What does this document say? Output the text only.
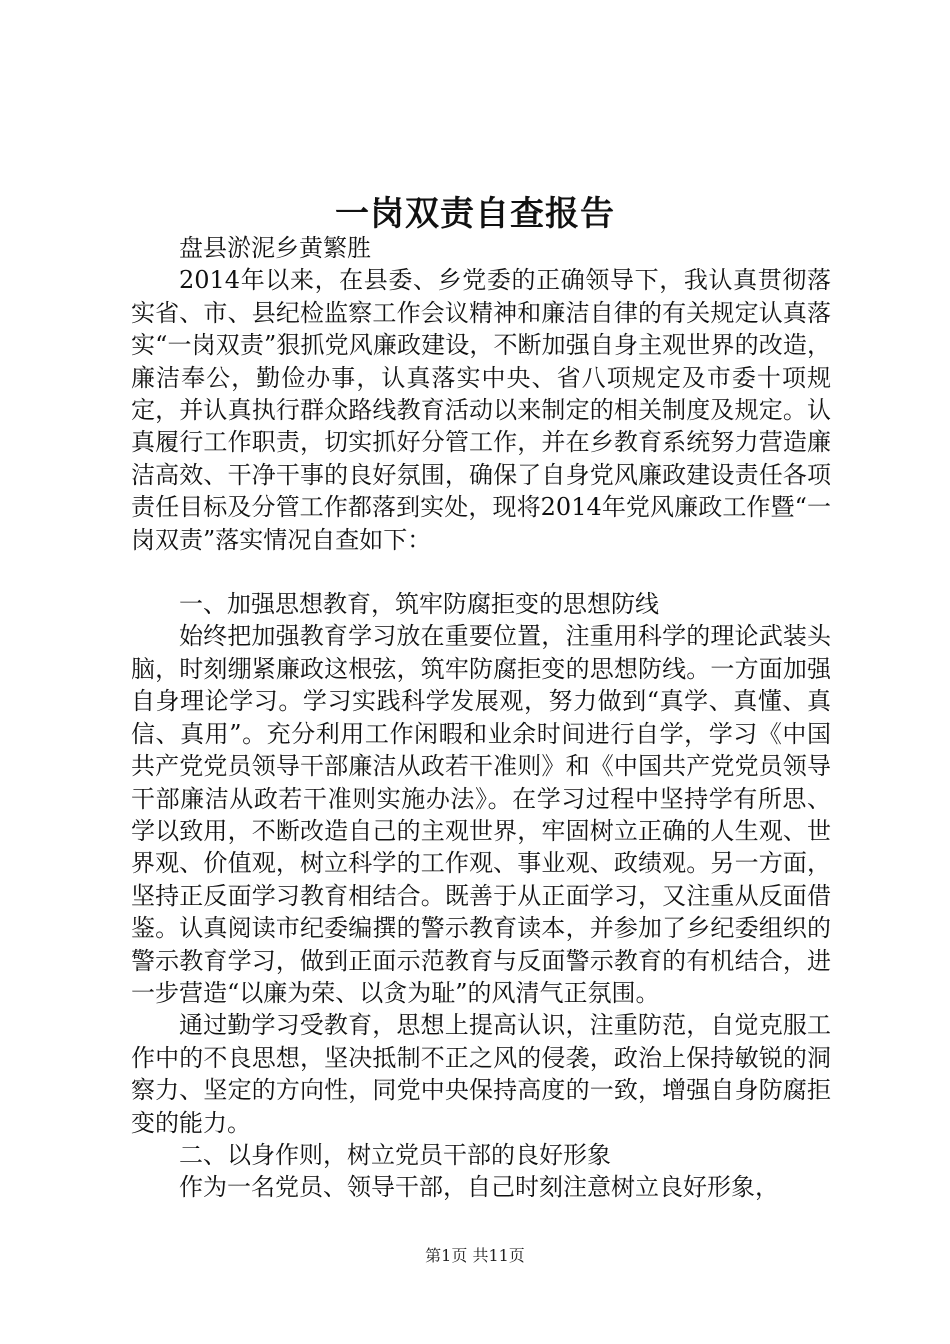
一岗双责自查报告

盘县淤泥乡黄繁胜

2014年以来，在县委、乡党委的正确领导下，我认真贯彻落实省、市、县纪检监察工作会议精神和廉洁自律的有关规定认真落实“一岗双责”狠抓党风廉政建设，不断加强自身主观世界的改造，廉洁奉公，勤俭办事，认真落实中央、省八项规定及市委十项规定，并认真执行群众路线教育活动以来制定的相关制度及规定。认真履行工作职责，切实抓好分管工作，并在乡教育系统努力营造廉洁高效、干净干事的良好氛围，确保了自身党风廉政建设责任各项责任目标及分管工作都落到实处，现将2014年党风廉政工作暨“一岗双责”落实情况自查如下：

一、加强思想教育，筑牢防腐拒变的思想防线

始终把加强教育学习放在重要位置，注重用科学的理论武装头脑，时刻绷紧廉政这根弦，筑牢防腐拒变的思想防线。一方面加强自身理论学习。学习实践科学发展观，努力做到“真学、真懂、真信、真用”。充分利用工作闲暇和业余时间进行自学，学习《中国共产党党员领导干部廉洁从政若干准则》和《中国共产党党员领导干部廉洁从政若干准则实施办法》。在学习过程中坚持学有所思、学以致用，不断改造自己的主观世界，牢固树立正确的人生观、世界观、价值观，树立科学的工作观、事业观、政绩观。另一方面，坚持正反面学习教育相结合。既善于从正面学习，又注重从反面借鉴。认真阅读市纪委编撰的警示教育读本，并参加了乡纪委组织的警示教育学习，做到正面示范教育与反面警示教育的有机结合，进一步营造“以廉为荣、以贪为耻”的风清气正氛围。

通过勤学习受教育，思想上提高认识，注重防范，自觉克服工作中的不良思想，坚决抵制不正之风的侵袭，政治上保持敏锐的洞察力、坚定的方向性，同党中央保持高度的一致，增强自身防腐拒变的能力。

二、以身作则，树立党员干部的良好形象

作为一名党员、领导干部，自己时刻注意树立良好形象，

第1页 共11页
